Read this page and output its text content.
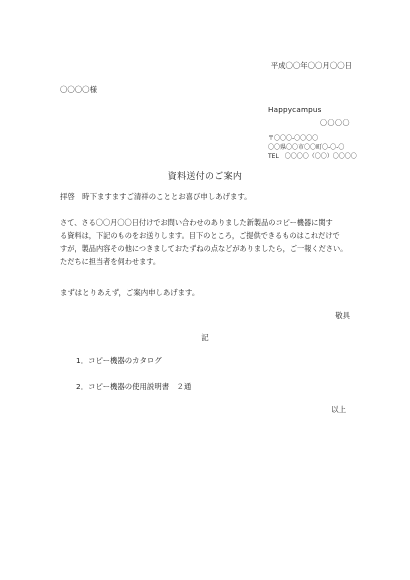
平成〇〇年〇〇月〇〇日
〇〇〇〇様
Happycampus
〇〇〇〇
〒〇〇〇-〇〇〇〇
〇〇県〇〇市〇〇町〇-〇-〇
TEL　〇〇〇〇（〇〇）〇〇〇〇
資料送付のご案内
拝啓　時下ますますご清祥のこととお喜び申しあげます。
さて、さる〇〇月〇〇日付けでお問い合わせのありました新製品のコピー機器に関す
る資料は，下記のものをお送りします。目下のところ，ご提供できるものはこれだけで
すが，製品内容その他につきましておたずねの点などがありましたら，ご一報ください。
ただちに担当者を伺わせます。
まずはとりあえず，ご案内申しあげます。
敬具
記
1．コピー機器のカタログ
2．コピー機器の使用説明書　２通
以上
